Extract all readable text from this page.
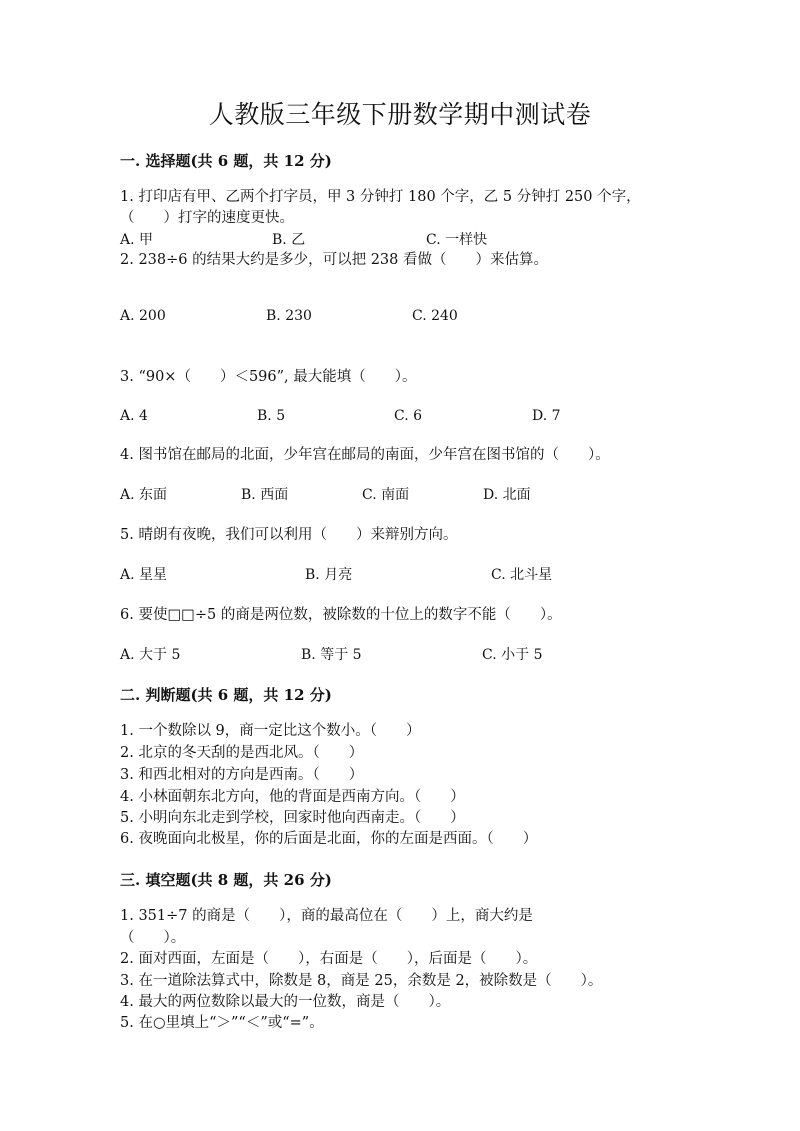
人教版三年级下册数学期中测试卷
一. 选择题(共 6 题，共 12 分)
1. 打印店有甲、乙两个打字员，甲 3 分钟打 180 个字，乙 5 分钟打 250 个字，
（　　）打字的速度更快。
A. 甲	B. 乙	C. 一样快
2. 238÷6 的结果大约是多少，可以把 238 看做（　　）来估算。
A. 200	B. 230	C. 240
3. “90×（　　）＜596”, 最大能填（　　）。
A. 4	B. 5	C. 6	D. 7
4. 图书馆在邮局的北面，少年宫在邮局的南面，少年宫在图书馆的（　　）。
A. 东面	B. 西面	C. 南面	D. 北面
5. 晴朗有夜晚，我们可以利用（　　）来辩别方向。
A. 星星	B. 月亮	C. 北斗星
6. 要使□□÷5 的商是两位数，被除数的十位上的数字不能（　　）。
A. 大于 5	B. 等于 5	C. 小于 5
二. 判断题(共 6 题，共 12 分)
1. 一个数除以 9，商一定比这个数小。（　　）
2. 北京的冬天刮的是西北风。（　　）
3. 和西北相对的方向是西南。（　　）
4. 小林面朝东北方向，他的背面是西南方向。（　　）
5. 小明向东北走到学校，回家时他向西南走。（　　）
6. 夜晚面向北极星，你的后面是北面，你的左面是西面。（　　）
三. 填空题(共 8 题，共 26 分)
1. 351÷7 的商是（　　），商的最高位在（　　）上，商大约是
（　　）。
2. 面对西面，左面是（　　），右面是（　　），后面是（　　）。
3. 在一道除法算式中，除数是 8，商是 25，余数是 2，被除数是（　　）。
4. 最大的两位数除以最大的一位数，商是（　　）。
5. 在○里填上“＞”“＜”或“=”。
